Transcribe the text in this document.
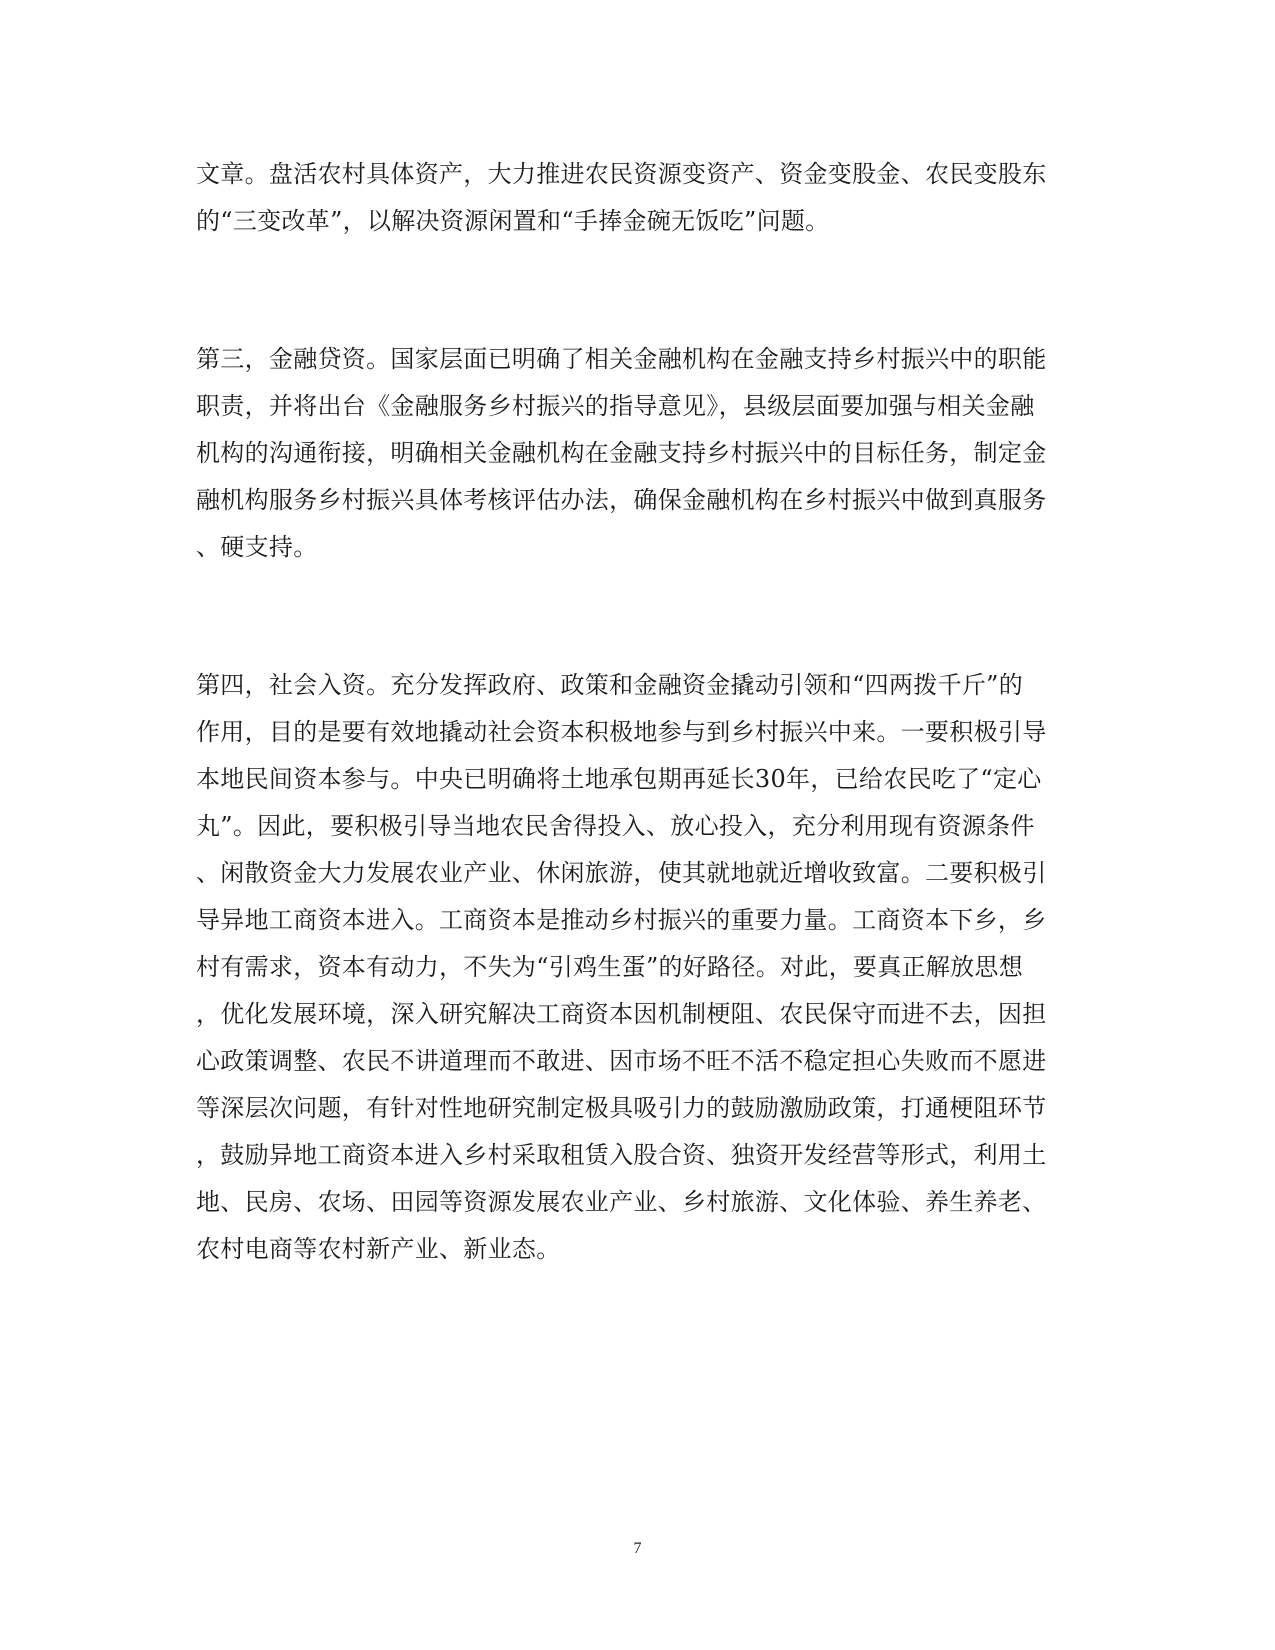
文章。盘活农村具体资产，大力推进农民资源变资产、资金变股金、农民变股东
的“三变改革”，以解决资源闲置和“手捧金碗无饭吃”问题。
第三，金融贷资。国家层面已明确了相关金融机构在金融支持乡村振兴中的职能
职责，并将出台《金融服务乡村振兴的指导意见》，县级层面要加强与相关金融
机构的沟通衔接，明确相关金融机构在金融支持乡村振兴中的目标任务，制定金
融机构服务乡村振兴具体考核评估办法，确保金融机构在乡村振兴中做到真服务
、硬支持。
第四，社会入资。充分发挥政府、政策和金融资金撬动引领和“四两拨千斤”的
作用，目的是要有效地撬动社会资本积极地参与到乡村振兴中来。一要积极引导
本地民间资本参与。中央已明确将土地承包期再延长30年，已给农民吃了“定心
丸”。因此，要积极引导当地农民舍得投入、放心投入，充分利用现有资源条件
、闲散资金大力发展农业产业、休闲旅游，使其就地就近增收致富。二要积极引
导异地工商资本进入。工商资本是推动乡村振兴的重要力量。工商资本下乡，乡
村有需求，资本有动力，不失为“引鸡生蛋”的好路径。对此，要真正解放思想
，优化发展环境，深入研究解决工商资本因机制梗阻、农民保守而进不去，因担
心政策调整、农民不讲道理而不敢进、因市场不旺不活不稳定担心失败而不愿进
等深层次问题，有针对性地研究制定极具吸引力的鼓励激励政策，打通梗阻环节
，鼓励异地工商资本进入乡村采取租赁入股合资、独资开发经营等形式，利用土
地、民房、农场、田园等资源发展农业产业、乡村旅游、文化体验、养生养老、
农村电商等农村新产业、新业态。
7
